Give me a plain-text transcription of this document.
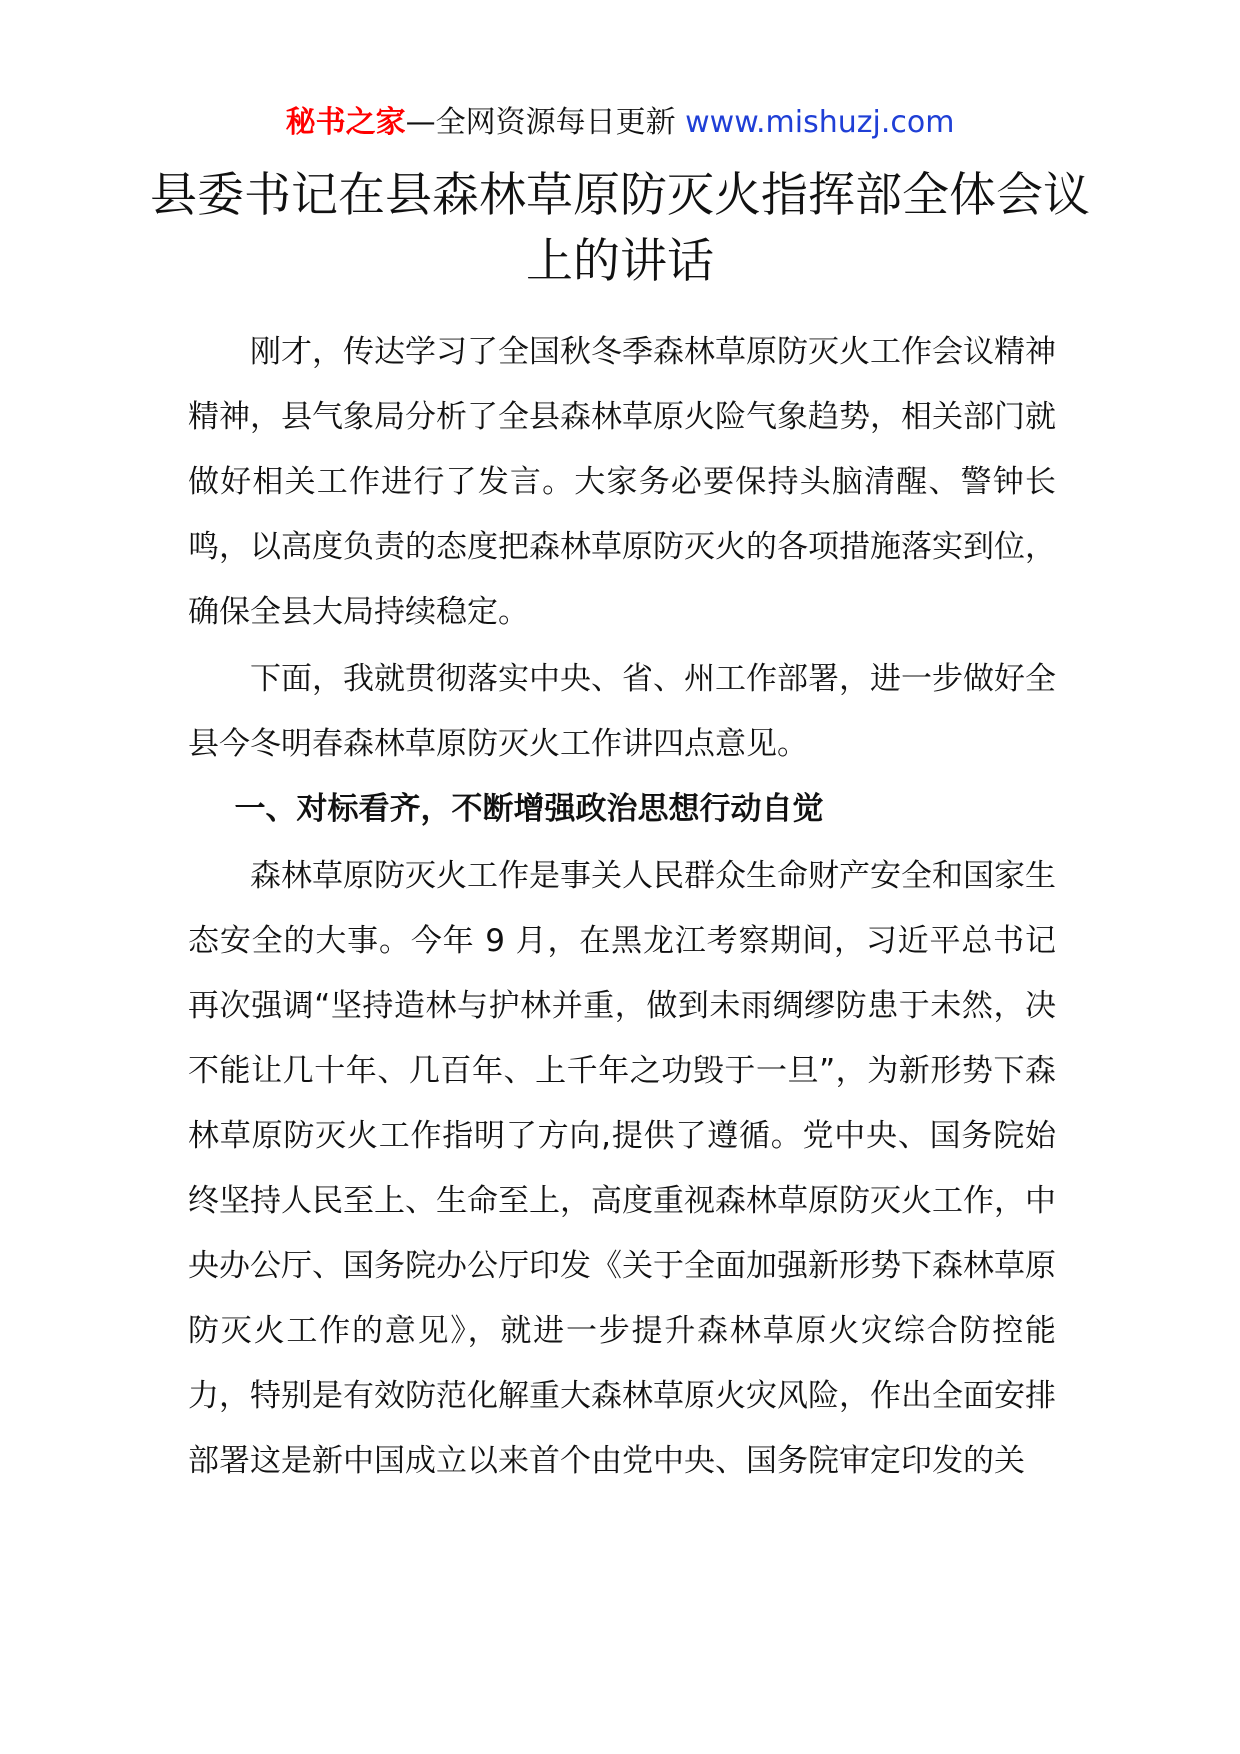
秘书之家—全网资源每日更新 www.mishuzj.com
县委书记在县森林草原防灭火指挥部全体会议上的讲话

刚才，传达学习了全国秋冬季森林草原防灭火工作会议精神精神，县气象局分析了全县森林草原火险气象趋势，相关部门就做好相关工作进行了发言。大家务必要保持头脑清醒、警钟长鸣，以高度负责的态度把森林草原防灭火的各项措施落实到位，确保全县大局持续稳定。

下面，我就贯彻落实中央、省、州工作部署，进一步做好全县今冬明春森林草原防灭火工作讲四点意见。

一、对标看齐，不断增强政治思想行动自觉

森林草原防灭火工作是事关人民群众生命财产安全和国家生态安全的大事。今年 9 月，在黑龙江考察期间，习近平总书记再次强调“坚持造林与护林并重，做到未雨绸缪防患于未然，决不能让几十年、几百年、上千年之功毁于一旦”，为新形势下森林草原防灭火工作指明了方向,提供了遵循。党中央、国务院始终坚持人民至上、生命至上，高度重视森林草原防灭火工作，中央办公厅、国务院办公厅印发《关于全面加强新形势下森林草原防灭火工作的意见》，就进一步提升森林草原火灾综合防控能力，特别是有效防范化解重大森林草原火灾风险，作出全面安排部署这是新中国成立以来首个由党中央、国务院审定印发的关
